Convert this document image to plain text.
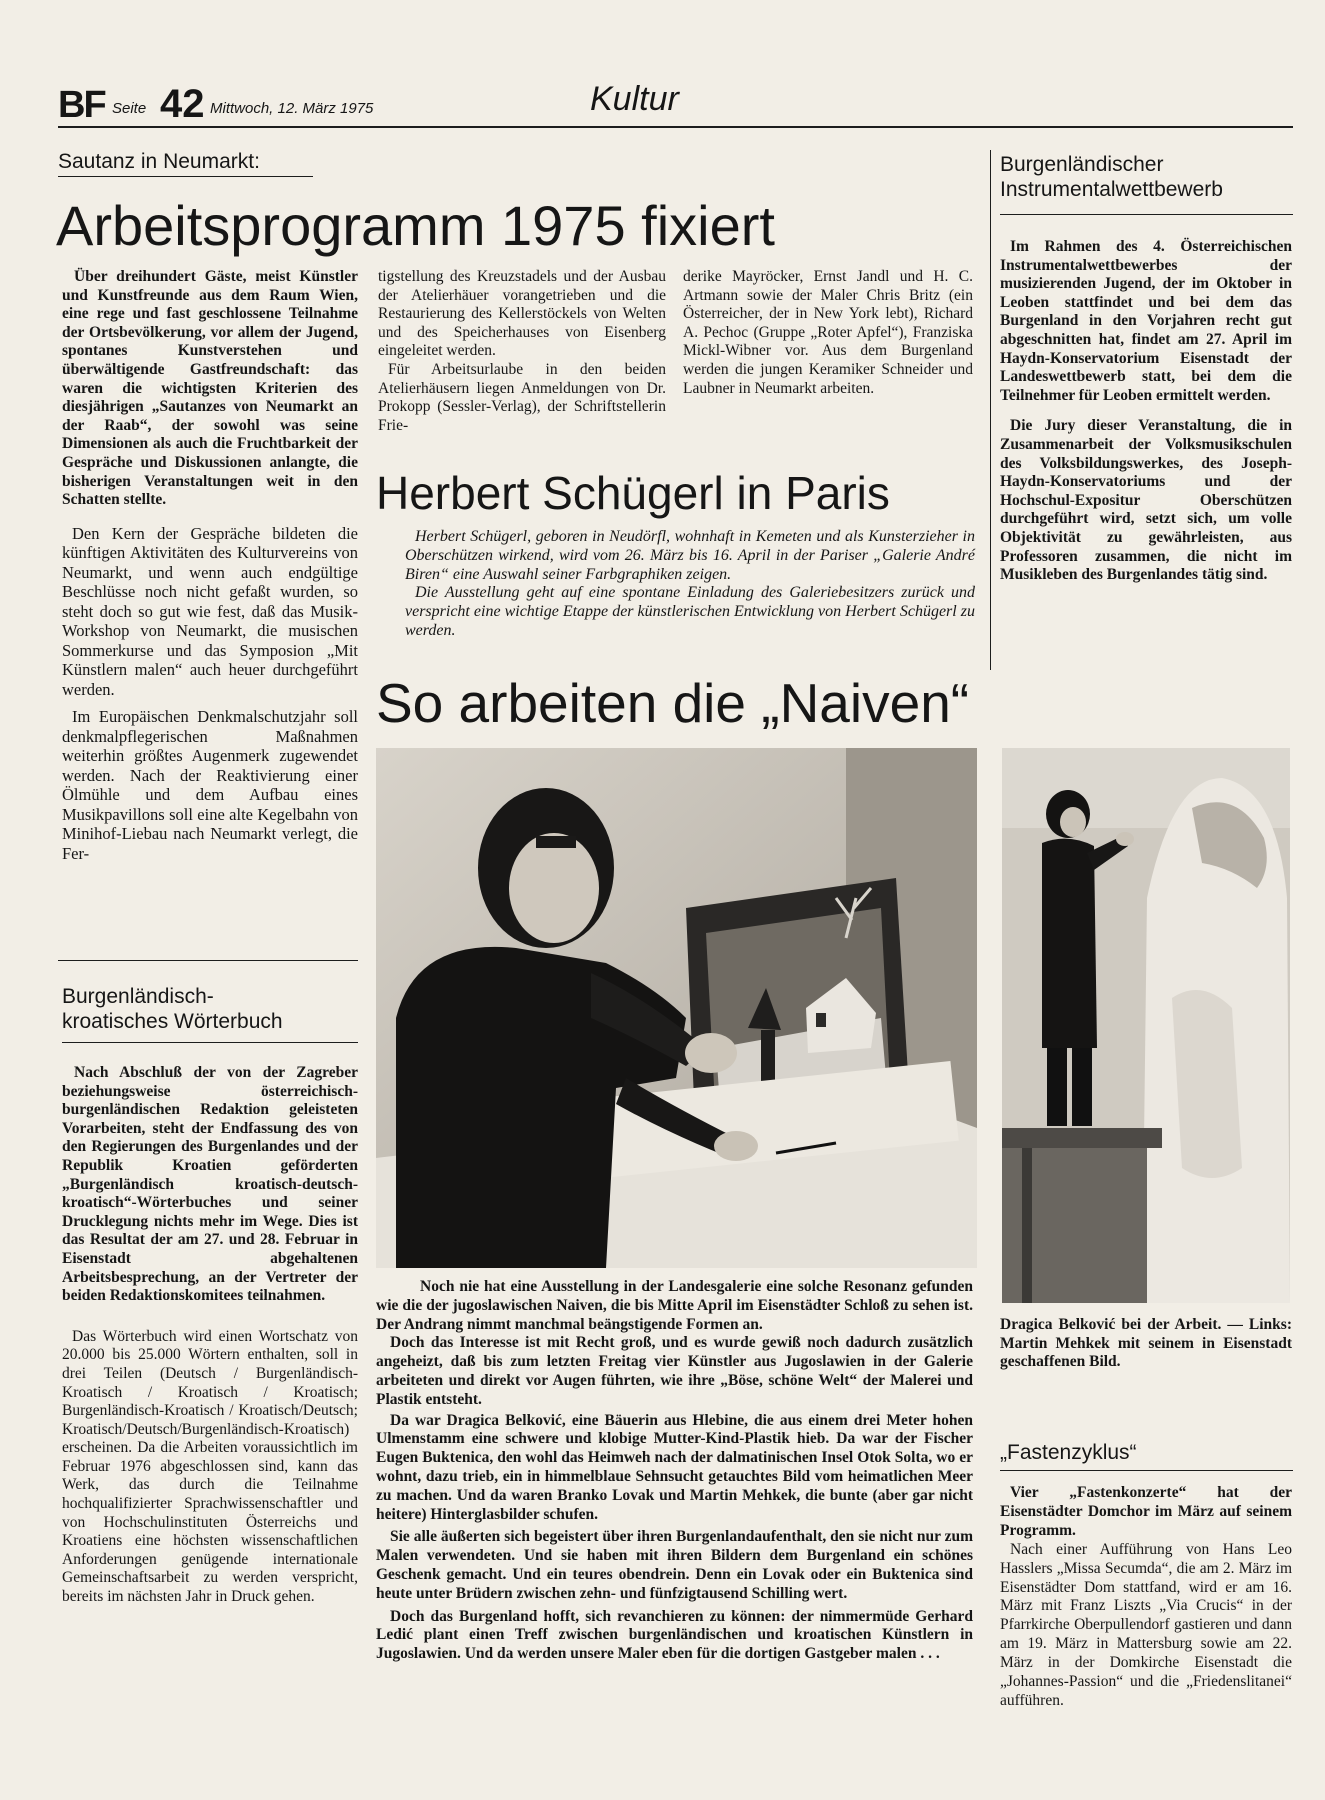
BF Seite 42 Mittwoch, 12. März 1975	Kultur
Sautanz in Neumarkt:
Arbeitsprogramm 1975 fixiert

Über dreihundert Gäste, meist Künstler und Kunstfreunde aus dem Raum Wien, eine rege und fast geschlossene Teilnahme der Ortsbevölkerung, vor allem der Jugend, spontanes Kunstverstehen und überwältigende Gastfreundschaft: das waren die wichtigsten Kriterien des diesjährigen „Sautanzes von Neumarkt an der Raab“, der sowohl was seine Dimensionen als auch die Fruchtbarkeit der Gespräche und Diskussionen anlangte, die bisherigen Veranstaltungen weit in den Schatten stellte.

Den Kern der Gespräche bildeten die künftigen Aktivitäten des Kulturvereins von Neumarkt, und wenn auch endgültige Beschlüsse noch nicht gefaßt wurden, so steht doch so gut wie fest, daß das Musik-Workshop von Neumarkt, die musischen Sommerkurse und das Symposion „Mit Künstlern malen“ auch heuer durchgeführt werden.

Im Europäischen Denkmalschutzjahr soll denkmalpflegerischen Maßnahmen weiterhin größtes Augenmerk zugewendet werden. Nach der Reaktivierung einer Ölmühle und dem Aufbau eines Musikpavillons soll eine alte Kegelbahn von Minihof-Liebau nach Neumarkt verlegt, die Fer-

tigstellung des Kreuzstadels und der Ausbau der Atelierhäuer vorangetrieben und die Restaurierung des Kellerstöckels von Welten und des Speicherhauses von Eisenberg eingeleitet werden.

Für Arbeitsurlaube in den beiden Atelierhäusern liegen Anmeldungen von Dr. Prokopp (Sessler-Verlag), der Schriftstellerin Frie-

derike Mayröcker, Ernst Jandl und H. C. Artmann sowie der Maler Chris Britz (ein Österreicher, der in New York lebt), Richard A. Pechoc (Gruppe „Roter Apfel“), Franziska Mickl-Wibner vor. Aus dem Burgenland werden die jungen Keramiker Schneider und Laubner in Neumarkt arbeiten.

Herbert Schügerl in Paris

Herbert Schügerl, geboren in Neudörfl, wohnhaft in Kemeten und als Kunsterzieher in Oberschützen wirkend, wird vom 26. März bis 16. April in der Pariser „Galerie André Biren“ eine Auswahl seiner Farbgraphiken zeigen.

Die Ausstellung geht auf eine spontane Einladung des Galeriebesitzers zurück und verspricht eine wichtige Etappe der künstlerischen Entwicklung von Herbert Schügerl zu werden.

Burgenländischer
Instrumentalwettbewerb

Im Rahmen des 4. Österreichischen Instrumentalwettbewerbes der musizierenden Jugend, der im Oktober in Leoben stattfindet und bei dem das Burgenland in den Vorjahren recht gut abgeschnitten hat, findet am 27. April im Haydn-Konservatorium Eisenstadt der Landeswettbewerb statt, bei dem die Teilnehmer für Leoben ermittelt werden.

Die Jury dieser Veranstaltung, die in Zusammenarbeit der Volksmusikschulen des Volksbildungswerkes, des Joseph-Haydn-Konservatoriums und der Hochschul-Expositur Oberschützen durchgeführt wird, setzt sich, um volle Objektivität zu gewährleisten, aus Professoren zusammen, die nicht im Musikleben des Burgenlandes tätig sind.

So arbeiten die „Naiven“

Noch nie hat eine Ausstellung in der Landesgalerie eine solche Resonanz gefunden wie die der jugoslawischen Naiven, die bis Mitte April im Eisenstädter Schloß zu sehen ist. Der Andrang nimmt manchmal beängstigende Formen an.

Doch das Interesse ist mit Recht groß, und es wurde gewiß noch dadurch zusätzlich angeheizt, daß bis zum letzten Freitag vier Künstler aus Jugoslawien in der Galerie arbeiteten und direkt vor Augen führten, wie ihre „Böse, schöne Welt“ der Malerei und Plastik entsteht.

Da war Dragica Belković, eine Bäuerin aus Hlebine, die aus einem drei Meter hohen Ulmenstamm eine schwere und klobige Mutter-Kind-Plastik hieb. Da war der Fischer Eugen Buktenica, den wohl das Heimweh nach der dalmatinischen Insel Otok Solta, wo er wohnt, dazu trieb, ein in himmelblaue Sehnsucht getauchtes Bild vom heimatlichen Meer zu machen. Und da waren Branko Lovak und Martin Mehkek, die bunte (aber gar nicht heitere) Hinterglasbilder schufen.

Sie alle äußerten sich begeistert über ihren Burgenlandaufenthalt, den sie nicht nur zum Malen verwendeten. Und sie haben mit ihren Bildern dem Burgenland ein schönes Geschenk gemacht. Und ein teures obendrein. Denn ein Lovak oder ein Buktenica sind heute unter Brüdern zwischen zehn- und fünfzigtausend Schilling wert.

Doch das Burgenland hofft, sich revanchieren zu können: der nimmermüde Gerhard Ledić plant einen Treff zwischen burgenländischen und kroatischen Künstlern in Jugoslawien. Und da werden unsere Maler eben für die dortigen Gastgeber malen . . .

Dragica Belković bei der Arbeit. — Links: Martin Mehkek mit seinem in Eisenstadt geschaffenen Bild.
„Fastenzyklus“

Vier „Fastenkonzerte“ hat der Eisenstädter Domchor im März auf seinem Programm.

Nach einer Aufführung von Hans Leo Hasslers „Missa Secumda“, die am 2. März im Eisenstädter Dom stattfand, wird er am 16. März mit Franz Liszts „Via Crucis“ in der Pfarrkirche Oberpullendorf gastieren und dann am 19. März in Mattersburg sowie am 22. März in der Domkirche Eisenstadt die „Johannes-Passion“ und die „Friedenslitanei“ aufführen.

Burgenländisch-
kroatisches Wörterbuch

Nach Abschluß der von der Zagreber beziehungsweise österreichisch-burgenländischen Redaktion geleisteten Vorarbeiten, steht der Endfassung des von den Regierungen des Burgenlandes und der Republik Kroatien geförderten „Burgenländisch kroatisch-deutsch-kroatisch“-Wörterbuches und seiner Drucklegung nichts mehr im Wege. Dies ist das Resultat der am 27. und 28. Februar in Eisenstadt abgehaltenen Arbeitsbesprechung, an der Vertreter der beiden Redaktionskomitees teilnahmen.

Das Wörterbuch wird einen Wortschatz von 20.000 bis 25.000 Wörtern enthalten, soll in drei Teilen (Deutsch / Burgenländisch-Kroatisch / Kroatisch / Kroatisch; Burgenländisch-Kroatisch / Kroatisch/Deutsch; Kroatisch/Deutsch/Burgenländisch-Kroatisch) erscheinen. Da die Arbeiten voraussichtlich im Februar 1976 abgeschlossen sind, kann das Werk, das durch die Teilnahme hochqualifizierter Sprachwissenschaftler und von Hochschulinstituten Österreichs und Kroatiens eine höchsten wissenschaftlichen Anforderungen genügende internationale Gemeinschaftsarbeit zu werden verspricht, bereits im nächsten Jahr in Druck gehen.
